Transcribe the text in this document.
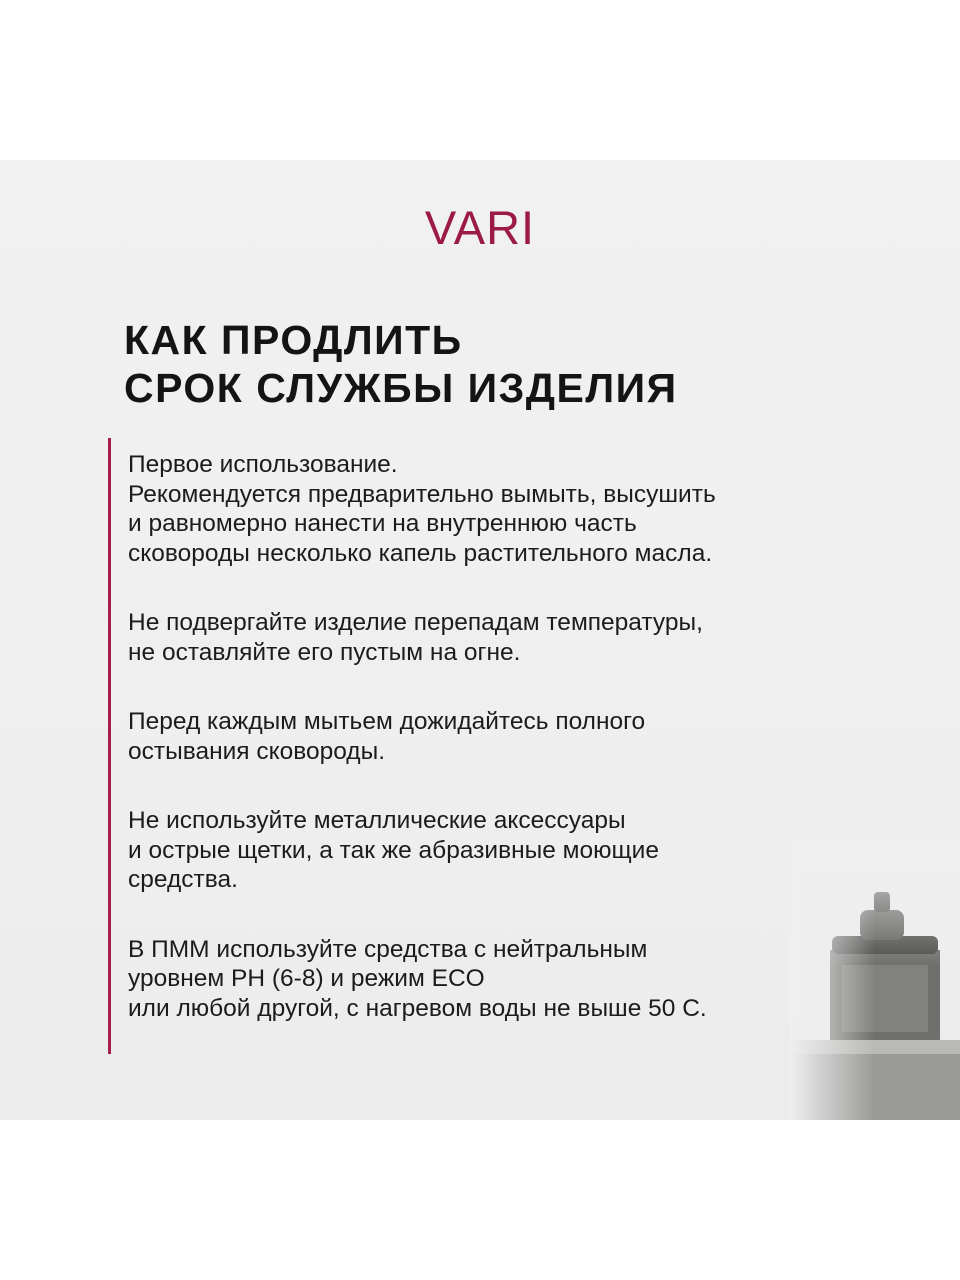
VARI
КАК ПРОДЛИТЬ
СРОК СЛУЖБЫ ИЗДЕЛИЯ

Первое использование.
Рекомендуется предварительно вымыть, высушить
и равномерно нанести на внутреннюю часть
сковороды несколько капель растительного масла.

Не подвергайте изделие перепадам температуры,
не оставляйте его пустым на огне.

Перед каждым мытьем дожидайтесь полного
остывания сковороды.

Не используйте металлические аксессуары
и острые щетки, а так же абразивные моющие
средства.

В ПММ используйте средства с нейтральным
уровнем РН (6-8) и режим ECO
или любой другой, с нагревом воды не выше 50 С.
